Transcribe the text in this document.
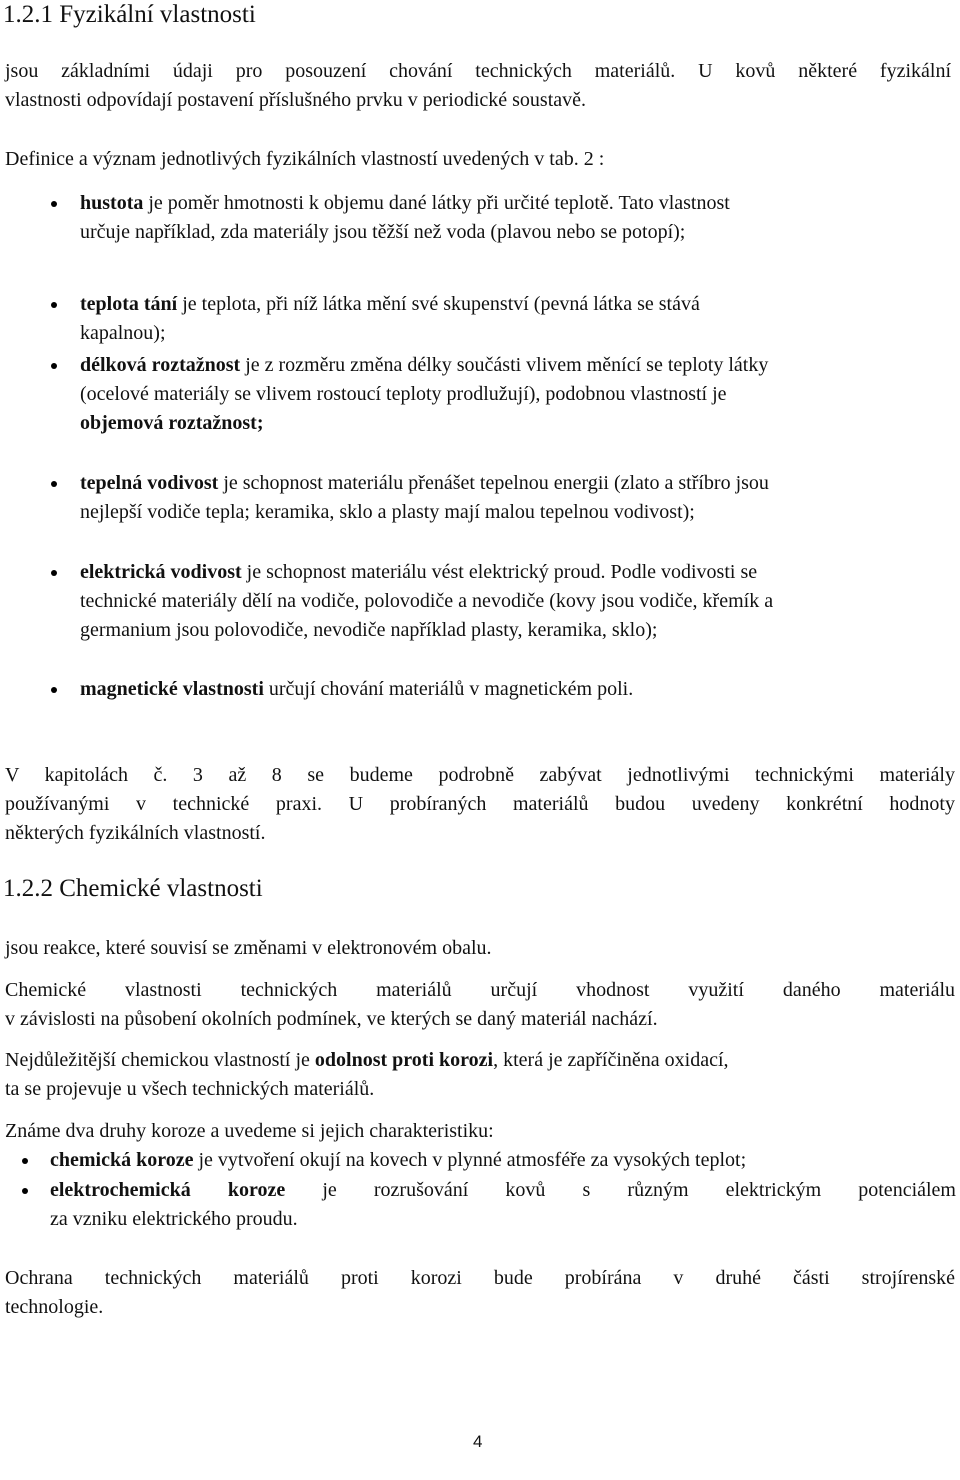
1.2.1 Fyzikální vlastnosti
jsou základními údaji pro posouzení chování technických materiálů. U kovů některé fyzikální
vlastnosti odpovídají postavení příslušného prvku v periodické soustavě.
Definice a význam jednotlivých fyzikálních vlastností uvedených v tab. 2 :
hustota je poměr hmotnosti k objemu dané látky při určité teplotě. Tato vlastnost
určuje například, zda materiály jsou těžší než voda (plavou nebo se potopí);
teplota tání je teplota, při níž látka mění své skupenství (pevná látka se stává
kapalnou);
délková roztažnost je z rozměru změna délky součásti vlivem měnící se teploty látky
(ocelové materiály se vlivem rostoucí teploty prodlužují), podobnou vlastností je
objemová roztažnost;
tepelná vodivost je schopnost materiálu přenášet tepelnou energii (zlato a stříbro jsou
nejlepší vodiče tepla; keramika, sklo a plasty mají malou tepelnou vodivost);
elektrická vodivost je schopnost materiálu vést elektrický proud. Podle vodivosti se
technické materiály dělí na vodiče, polovodiče a nevodiče (kovy jsou vodiče, křemík a
germanium jsou polovodiče, nevodiče například plasty, keramika, sklo);
magnetické vlastnosti určují chování materiálů v magnetickém poli.
V kapitolách č. 3 až 8 se budeme podrobně zabývat jednotlivými technickými materiály
používanými v technické praxi. U probíraných materiálů budou uvedeny konkrétní hodnoty
některých fyzikálních vlastností.
1.2.2 Chemické vlastnosti
jsou reakce, které souvisí se změnami v elektronovém obalu.
Chemické vlastnosti technických materiálů určují vhodnost využití daného materiálu
v závislosti na působení okolních podmínek, ve kterých se daný materiál nachází.
Nejdůležitější chemickou vlastností je odolnost proti korozi, která je zapříčiněna oxidací,
ta se projevuje u všech technických materiálů.
Známe dva druhy koroze a uvedeme si jejich charakteristiku:
chemická koroze je vytvoření okují na kovech v plynné atmosféře za vysokých teplot;
elektrochemická koroze je rozrušování kovů s různým elektrickým potenciálem
za vzniku elektrického proudu.
Ochrana technických materiálů proti korozi bude probírána v druhé části strojírenské
technologie.
4
